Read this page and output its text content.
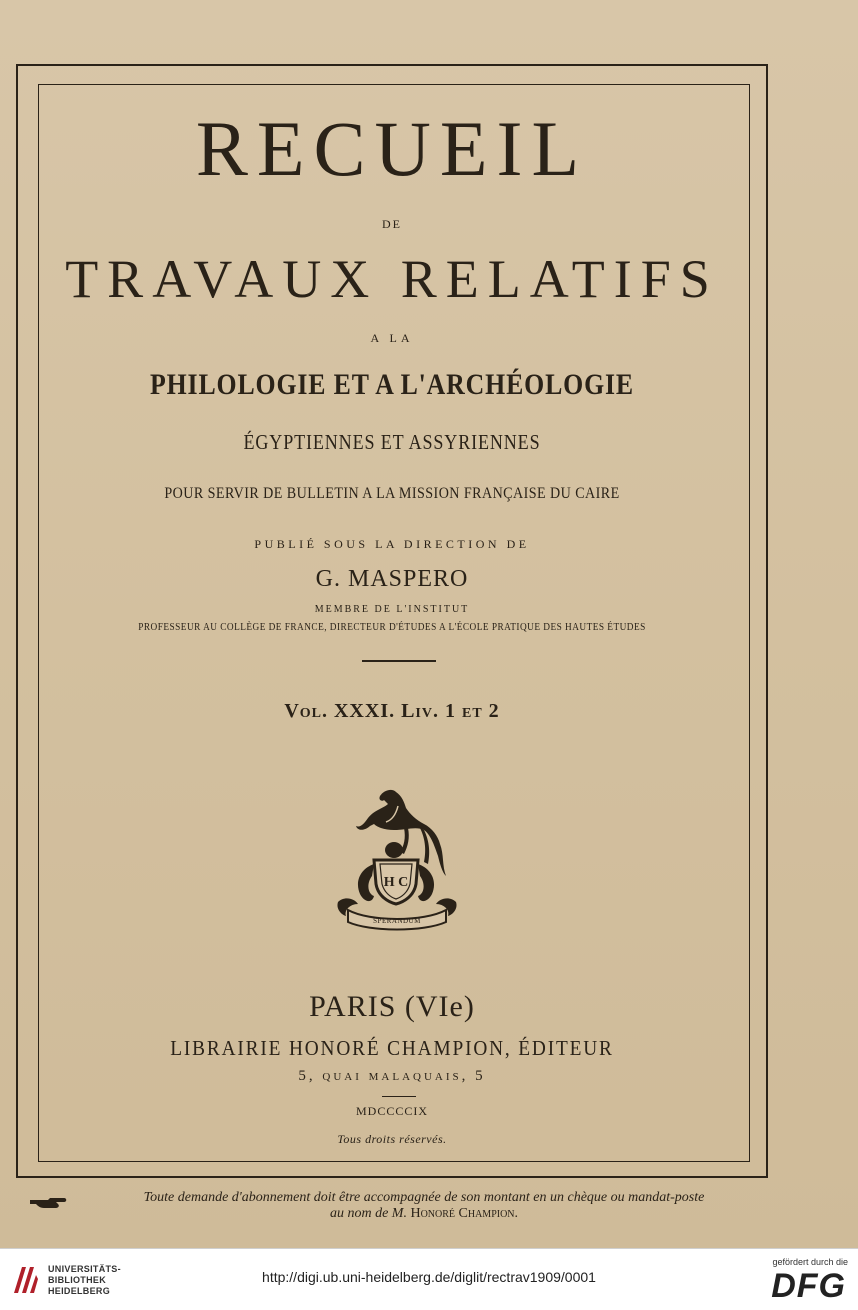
RECUEIL
DE
TRAVAUX RELATIFS
A LA
PHILOLOGIE ET A L'ARCHÉOLOGIE
ÉGYPTIENNES ET ASSYRIENNES
POUR SERVIR DE BULLETIN A LA MISSION FRANÇAISE DU CAIRE
PUBLIÉ SOUS LA DIRECTION DE
G. MASPERO
MEMBRE DE L'INSTITUT
PROFESSEUR AU COLLÈGE DE FRANCE, DIRECTEUR D'ÉTUDES A L'ÉCOLE PRATIQUE DES HAUTES ÉTUDES
Vol. XXXI. Liv. 1 et 2
H C
SPERANDUM
PARIS (VIe)
LIBRAIRIE HONORÉ CHAMPION, ÉDITEUR
5, quai malaquais, 5
MDCCCCIX
Tous droits réservés.
Toute demande d'abonnement doit être accompagnée de son montant en un chèque ou mandat-poste
au nom de M. Honoré Champion.
UNIVERSITÄTS-
BIBLIOTHEK
HEIDELBERG
http://digi.ub.uni-heidelberg.de/diglit/rectrav1909/0001
gefördert durch die
DFG
